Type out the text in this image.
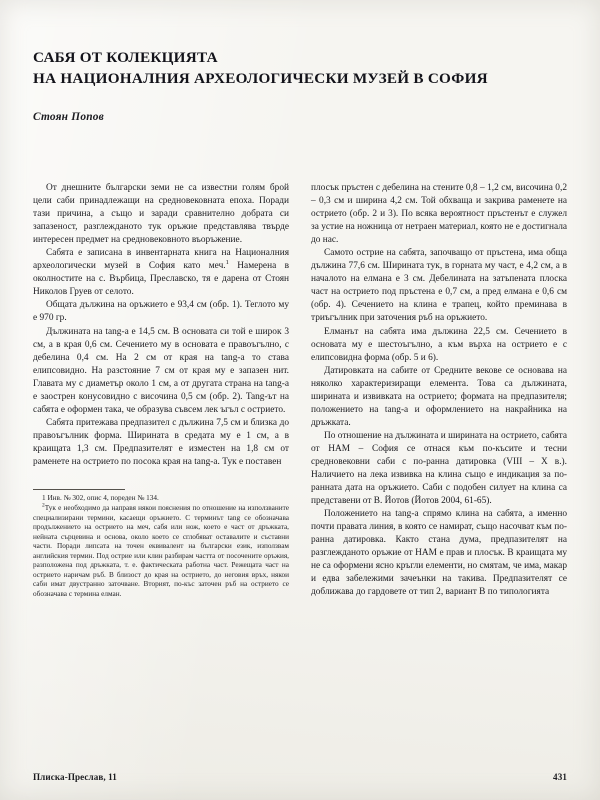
САБЯ ОТ КОЛЕКЦИЯТА
НА НАЦИОНАЛНИЯ АРХЕОЛОГИЧЕСКИ МУЗЕЙ В СОФИЯ
Стоян Попов

От днешните български земи не са известни голям брой цели саби принадлежащи на средновековната епоха. Поради тази причина, а също и заради сравнително добрата си запазеност, разглежданото тук оръжие представлява твърде интересен предмет на средновековното въоръжение.

Сабята е записана в инвентарната книга на Националния археологически музей в София като меч.$^1$ Намерена в околностите на с. Върбица, Преславско, тя е дарена от Стоян Николов Груев от селото.

Общата дължина на оръжието е 93,4 см (обр. 1). Теглото му е 970 гр.

Дължината на tang-а е 14,5 см. В основата си той е широк 3 см, а в края 0,6 см. Сечението му в основата е правоъгълно, с дебелина 0,4 см. На 2 см от края на tang-а то става елипсовидно. На разстояние 7 см от края му е запазен нит. Главата му с диаметър около 1 см, а от другата страна на tang-а е заострен конусовидно с височина 0,5 см (обр. 2). Tang-ът на сабята е оформен така, че образува съвсем лек ъгъл с острието.

Сабята притежава предпазител с дължина 7,5 см и близка до правоъгълник форма. Ширината в средата му е 1 см, а в краищата 1,3 см. Предпазителят е изместен на 1,8 см от раменете на острието по посока края на tang-а. Тук е поставен

1 Инв. № 302, опис 4, пореден № 134.

$^2$Тук е необходимо да направя някои пояснения по отношение на използваните специализирани термини, касаещи оръжието. С терминът tang се обозначава продължението на острието на меч, сабя или нож, което е част от дръжката, нейната сърцевина и основа, около което се сглобяват оставалите и съставни части. Поради липсата на точен еквивалент на български език, използвам английския термин. Под острие или клин разбирам частта от посочените оръжия, разположена под дръжката, т. е. фактическата работна част. Режещата част на острието наричам ръб. В близост до края на острието, до неговия връх, някои саби имат двустранно заточване. Вторият, по-къс заточен ръб на острието се обозначава с термина елман.

плосък пръстен с дебелина на стените 0,8 – 1,2 см, височина 0,2 – 0,3 см и ширина 4,2 см. Той обхваща и закрива раменете на острието (обр. 2 и 3). По всяка вероятност пръстенът е служел за устие на ножница от нетраен материал, която не е достигнала до нас.

Самото острие на сабята, започващо от пръстена, има обща дължина 77,6 см. Ширината тук, в горната му част, е 4,2 см, а в началото на елмана е 3 см. Дебелината на затъпената плоска част на острието под пръстена е 0,7 см, а пред елмана е 0,6 см (обр. 4). Сечението на клина е трапец, който преминава в триъгълник при заточения ръб на оръжието.

Елманът на сабята има дължина 22,5 см. Сечението в основата му е шестоъгълно, а към върха на острието е с елипсовидна форма (обр. 5 и 6).

Датировката на сабите от Средните векове се основава на няколко характеризиращи елемента. Това са дължината, ширината и извивката на острието; формата на предпазителя; положението на tang-а и оформлението на накрайника на дръжката.

По отношение на дължината и ширината на острието, сабята от НАМ – София се отнася към по-късите и тесни средновековни саби с по-ранна датировка (VIII – X в.). Наличието на лека извивка на клина също е индикация за по-ранната дата на оръжието. Саби с подобен силует на клина са представени от В. Йотов (Йотов 2004, 61-65).

Положението на tang-а спрямо клина на сабята, а именно почти правата линия, в която се намират, също насочват към по-ранна датировка. Както стана дума, предпазителят на разглежданото оръжие от НАМ е прав и плосък. В краищата му не са оформени ясно кръгли елементи, но смятам, че има, макар и едва забележими зачеънки на такива. Предпазителят се доближава до гардовете от тип 2, вариант В по типологията

Плиска-Преслав, 11	431
